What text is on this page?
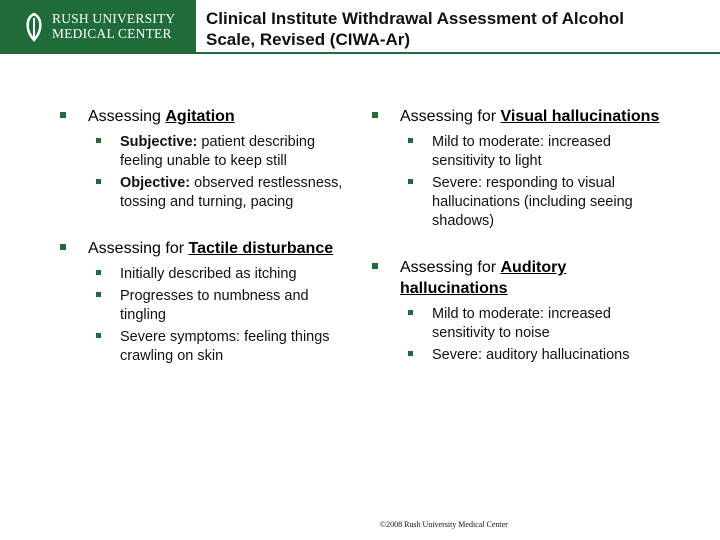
RUSH UNIVERSITY
MEDICAL CENTER
Clinical Institute Withdrawal Assessment of Alcohol
Scale, Revised (CIWA-Ar)

Assessing Agitation

Subjective: patient describing feeling unable to keep still
Objective: observed restlessness, tossing and turning, pacing

Assessing for Tactile disturbance

Initially described as itching
Progresses to numbness and tingling
Severe symptoms: feeling things crawling on skin

Assessing for Visual hallucinations

Mild to moderate: increased sensitivity to light
Severe: responding to visual hallucinations (including seeing shadows)

Assessing for Auditory hallucinations

Mild to moderate: increased sensitivity to noise
Severe: auditory hallucinations
©2008 Rush University Medical Center
